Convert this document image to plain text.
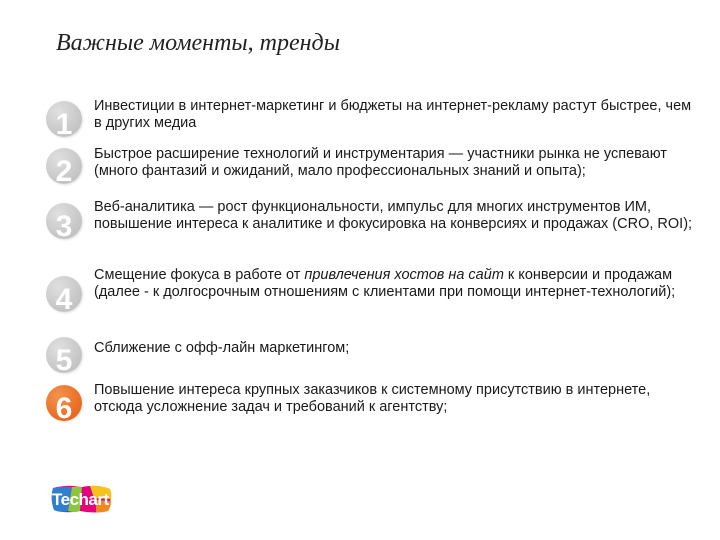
Важные моменты, тренды
1
Инвестиции в интернет-маркетинг и бюджеты на интернет-рекламу растут быстрее, чем в других медиа
2
Быстрое расширение технологий и инструментария — участники рынка не успевают (много фантазий и ожиданий, мало профессиональных знаний и опыта);
3
Веб-аналитика — рост функциональности, импульс для многих инструментов ИМ, повышение интереса к аналитике и фокусировка на конверсиях и продажах (CRO, ROI);
4
Смещение фокуса в работе от привлечения хостов на сайт к конверсии и продажам (далее - к долгосрочным отношениям с клиентами при помощи интернет-технологий);
5	Сближение с офф-лайн маркетингом;
6
Повышение интереса крупных заказчиков к системному присутствию в интернете, отсюда усложнение задач и требований к агентству;
Techart
